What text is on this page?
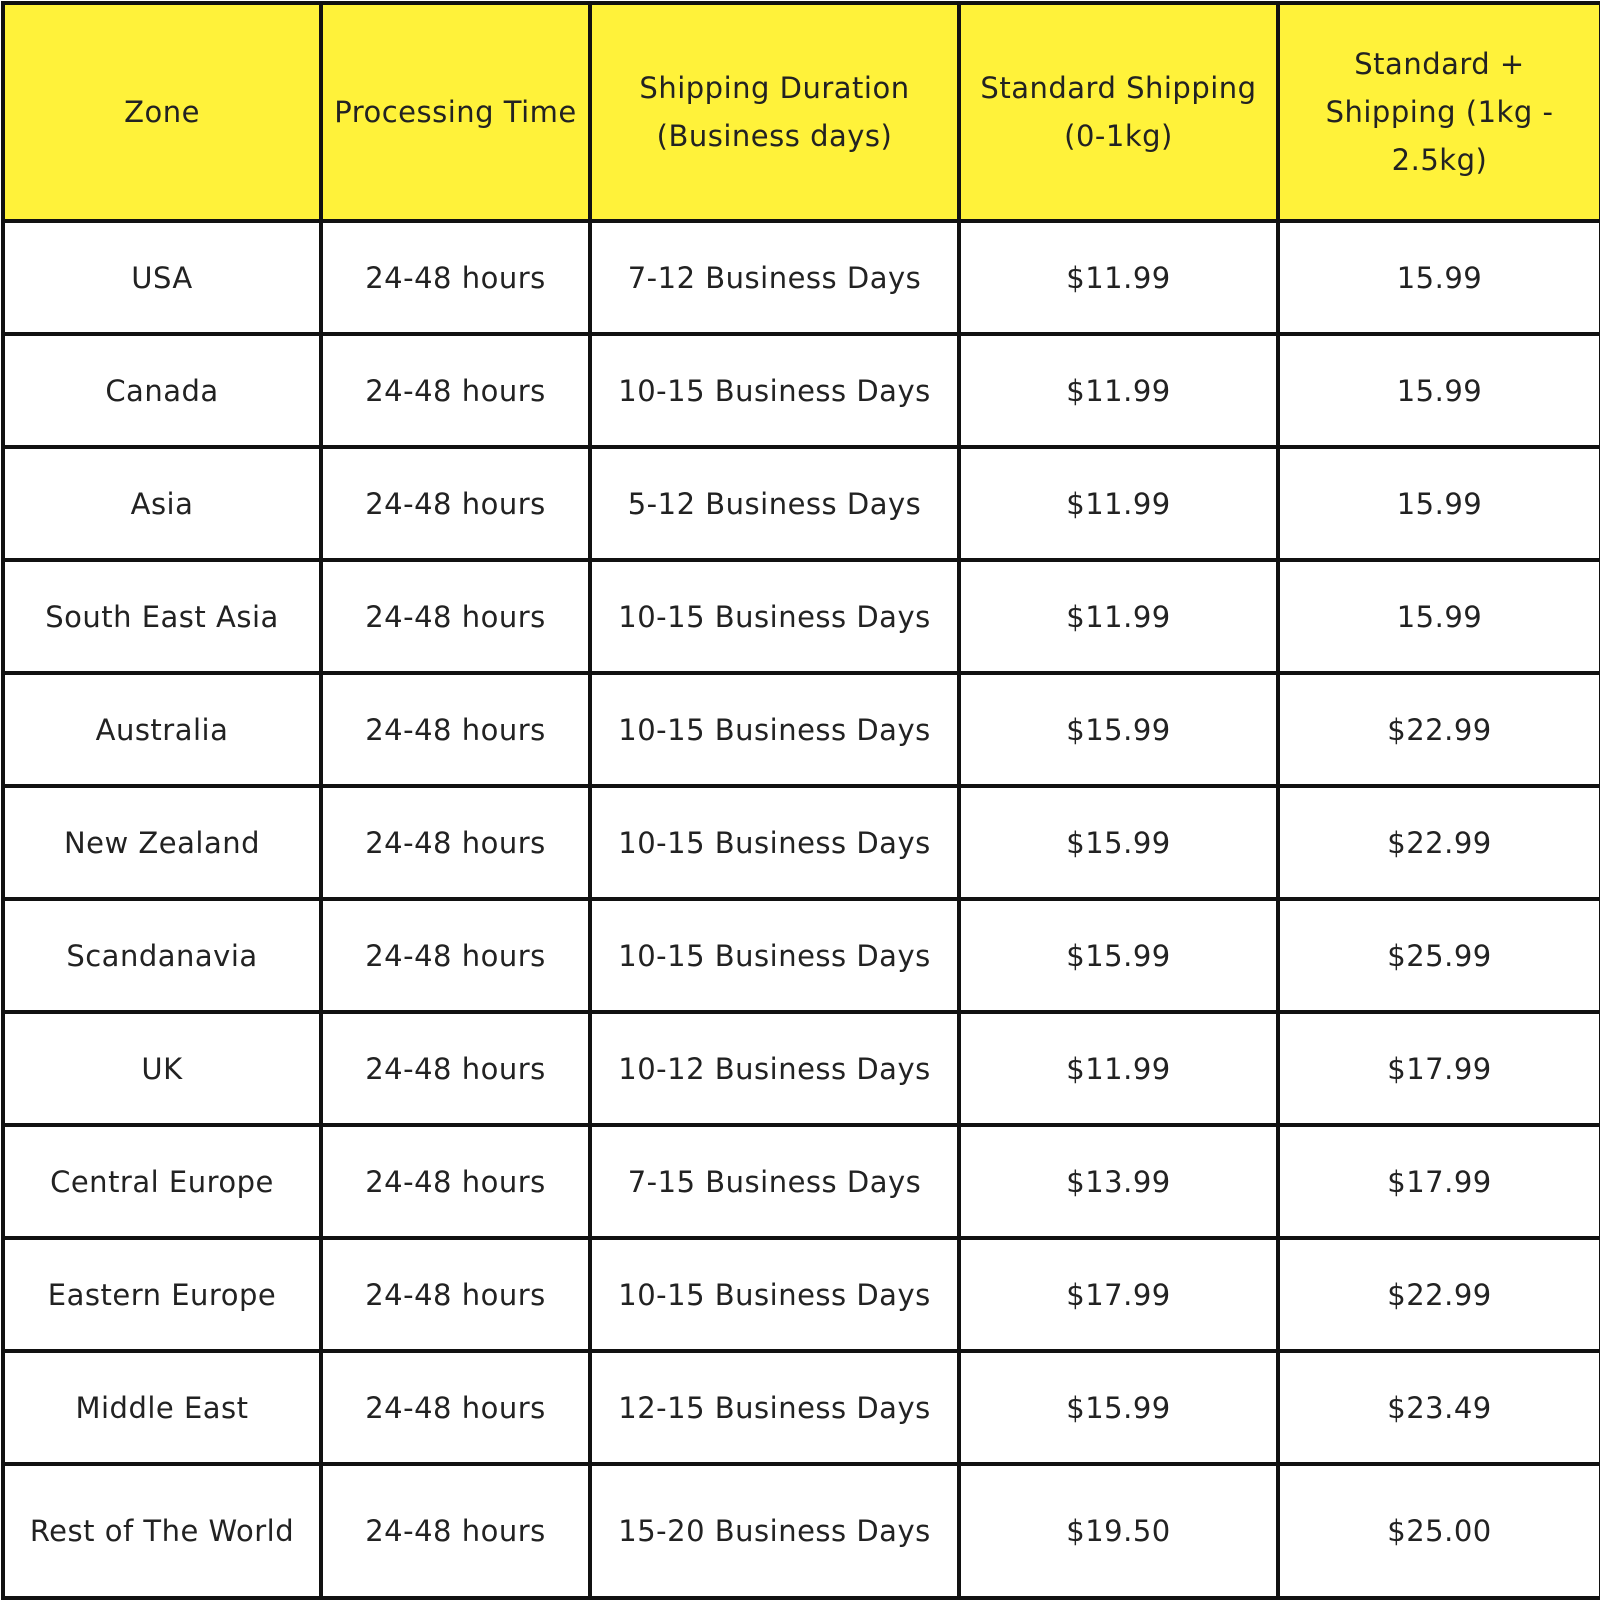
Zone	Processing Time	Shipping Duration (Business days)	Standard Shipping (0-1kg)	Standard + Shipping (1kg - 2.5kg)
USA	24-48 hours	7-12 Business Days	$11.99	15.99
Canada	24-48 hours	10-15 Business Days	$11.99	15.99
Asia	24-48 hours	5-12 Business Days	$11.99	15.99
South East Asia	24-48 hours	10-15 Business Days	$11.99	15.99
Australia	24-48 hours	10-15 Business Days	$15.99	$22.99
New Zealand	24-48 hours	10-15 Business Days	$15.99	$22.99
Scandanavia	24-48 hours	10-15 Business Days	$15.99	$25.99
UK	24-48 hours	10-12 Business Days	$11.99	$17.99
Central Europe	24-48 hours	7-15 Business Days	$13.99	$17.99
Eastern Europe	24-48 hours	10-15 Business Days	$17.99	$22.99
Middle East	24-48 hours	12-15 Business Days	$15.99	$23.49
Rest of The World	24-48 hours	15-20 Business Days	$19.50	$25.00
